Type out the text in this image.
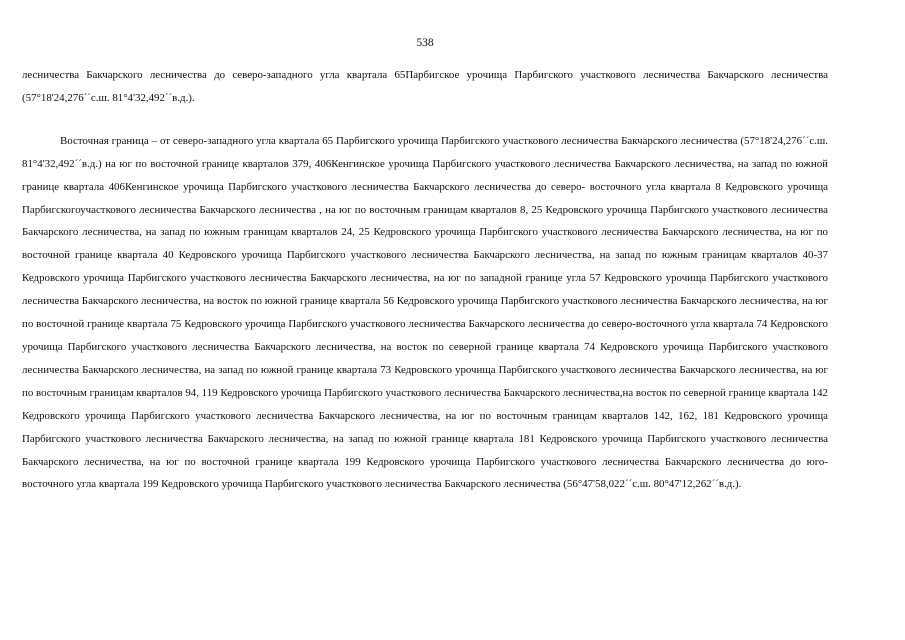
538

лесничества Бакчарского лесничества до северо-западного угла квартала 65Парбигское урочища Парбигского участкового лесничества Бакчарского лесничества (57°18'24,276´´с.ш. 81°4'32,492´´в.д.).

Восточная граница – от северо-западного угла квартала 65 Парбигского урочища Парбигского участкового лесничества Бакчарского лесничества (57°18'24,276´´с.ш. 81°4'32,492´´в.д.) на юг по восточной границе кварталов 379, 406Кенгинское урочища Парбигского участкового лесничества Бакчарского лесничества, на запад по южной границе квартала 406Кенгинское урочища Парбигского участкового лесничества Бакчарского лесничества до северо- восточного угла квартала 8 Кедровского урочища Парбигскогоучасткового лесничества Бакчарского лесничества , на юг по восточным границам кварталов 8, 25 Кедровского урочища Парбигского участкового лесничества Бакчарского лесничества, на запад по южным границам кварталов 24, 25 Кедровского урочища Парбигского участкового лесничества Бакчарского лесничества, на юг по восточной границе квартала 40 Кедровского урочища Парбигского участкового лесничества Бакчарского лесничества, на запад по южным границам кварталов 40-37 Кедровского урочища Парбигского участкового лесничества Бакчарского лесничества, на юг по западной границе угла 57 Кедровского урочища Парбигского участкового лесничества Бакчарского лесничества, на восток по южной границе квартала 56 Кедровского урочища Парбигского участкового лесничества Бакчарского лесничества, на юг по восточной границе квартала 75 Кедровского урочища Парбигского участкового лесничества Бакчарского лесничества до северо-восточного угла квартала 74 Кедровского урочища Парбигского участкового лесничества Бакчарского лесничества, на восток по северной границе квартала 74 Кедровского урочища Парбигского участкового лесничества Бакчарского лесничества, на запад по южной границе квартала 73 Кедровского урочища Парбигского участкового лесничества Бакчарского лесничества, на юг по восточным границам кварталов 94, 119 Кедровского урочища Парбигского участкового лесничества Бакчарского лесничества,на восток по северной границе квартала 142 Кедровского урочища Парбигского участкового лесничества Бакчарского лесничества, на юг по восточным границам кварталов 142, 162, 181 Кедровского урочища Парбигского участкового лесничества Бакчарского лесничества, на запад по южной границе квартала 181 Кедровского урочища Парбигского участкового лесничества Бакчарского лесничества, на юг по восточной границе квартала 199 Кедровского урочища Парбигского участкового лесничества Бакчарского лесничества до юго-восточного угла квартала 199 Кедровского урочища Парбигского участкового лесничества Бакчарского лесничества (56°47'58,022´´с.ш. 80°47'12,262´´в.д.).
